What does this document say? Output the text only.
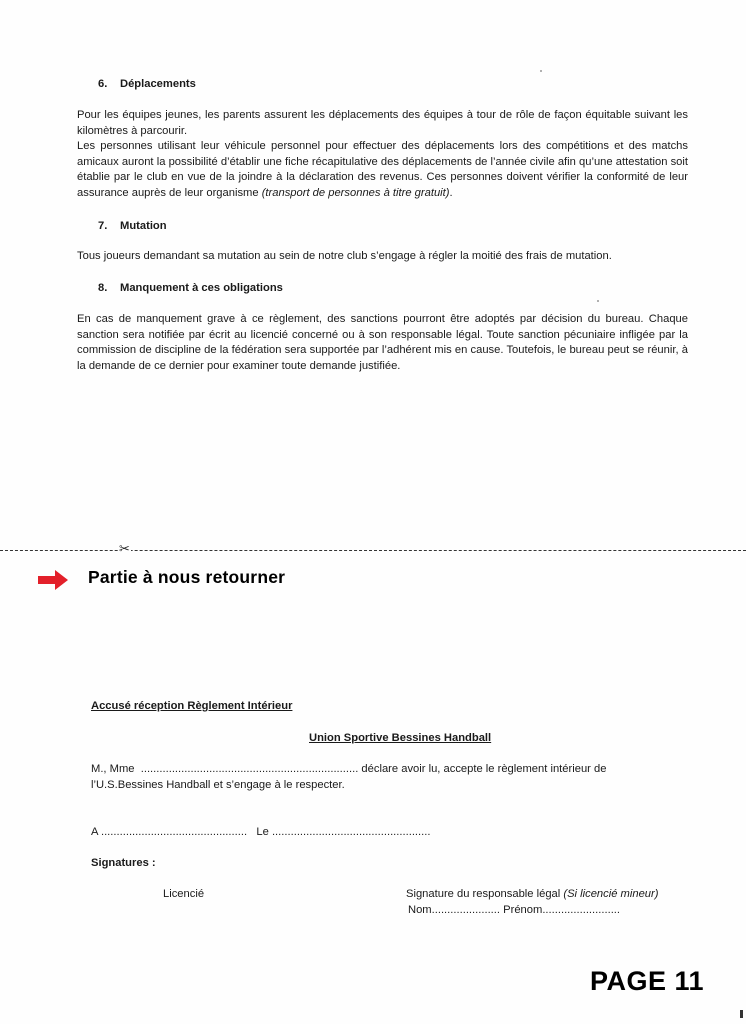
6. Déplacements

Pour les équipes jeunes, les parents assurent les déplacements des équipes à tour de rôle de façon équitable suivant les kilomètres à parcourir.

Les personnes utilisant leur véhicule personnel pour effectuer des déplacements lors des compétitions et des matchs amicaux auront la possibilité d’établir une fiche récapitulative des déplacements de l’année civile afin qu’une attestation soit établie par le club en vue de la joindre à la déclaration des revenus. Ces personnes doivent vérifier la conformité de leur assurance auprès de leur organisme (transport de personnes à titre gratuit).

7. Mutation

Tous joueurs demandant sa mutation au sein de notre club s’engage à régler la moitié des frais de mutation.

8. Manquement à ces obligations

En cas de manquement grave à ce règlement, des sanctions pourront être adoptés par décision du bureau. Chaque sanction sera notifiée par écrit au licencié concerné ou à son responsable légal. Toute sanction pécuniaire infligée par la commission de discipline de la fédération sera supportée par l’adhérent mis en cause. Toutefois, le bureau peut se réunir, à la demande de ce dernier pour examiner toute demande justifiée.

✂
Partie à nous retourner
Accusé réception Règlement Intérieur
Union Sportive Bessines Handball
M., Mme ...................................................................... déclare avoir lu, accepte le règlement intérieur de l’U.S.Bessines Handball et s’engage à le respecter.
A ............................................... Le ...................................................
Signatures :
Licencié	Signature du responsable légal (Si licencié mineur)
Nom...................... Prénom.........................
PAGE 11
